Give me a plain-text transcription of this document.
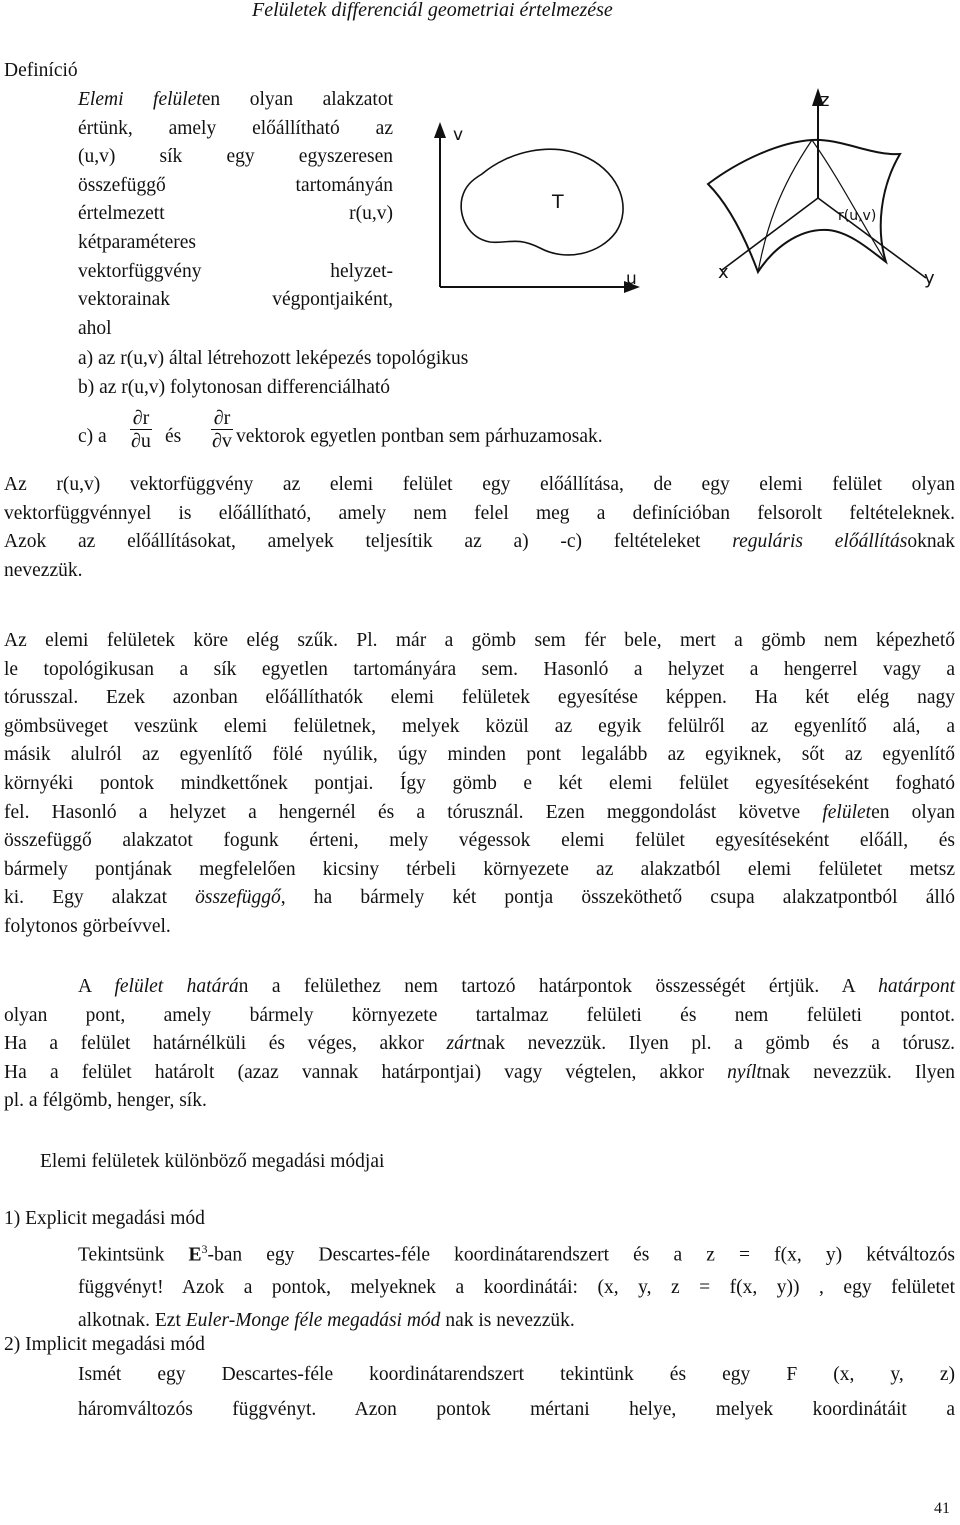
Felületek differenciál geometriai értelmezése
Definíció
Elemi felületen olyan alakzatot
értünk, amely előállítható az
(u,v) sík egy egyszeresen
összefüggő tartományán
értelmezett r(u,v)
kétparaméteres
vektorfüggvény helyzet-
vektorainak végpontjaiként,
ahol
a) az r(u,v) által létrehozott leképezés topológikus
b) az r(u,v) folytonosan differenciálható
c) a
∂r
∂u és
∂r
∂v vektorok egyetlen pontban sem párhuzamosak.
v
u
T
x	y
z
r(u,v)
Az r(u,v) vektorfüggvény az elemi felület egy előállítása, de egy elemi felület olyan
vektorfüggvénnyel is előállítható, amely nem felel meg a definícióban felsorolt feltételeknek.
Azok az előállításokat, amelyek teljesítik az a) -c) feltételeket reguláris előállításoknak
nevezzük.
Az elemi felületek köre elég szűk. Pl. már a gömb sem fér bele, mert a gömb nem képezhető
le topológikusan a sík egyetlen tartományára sem. Hasonló a helyzet a hengerrel vagy a
tórusszal. Ezek azonban előállíthatók elemi felületek egyesítése képpen. Ha két elég nagy
gömbsüveget veszünk elemi felületnek, melyek közül az egyik felülről az egyenlítő alá, a
másik alulról az egyenlítő fölé nyúlik, úgy minden pont legalább az egyiknek, sőt az egyenlítő
környéki pontok mindkettőnek pontjai. Így gömb e két elemi felület egyesítéseként fogható
fel. Hasonló a helyzet a hengernél és a tórusznál. Ezen meggondolást követve felületen olyan
összefüggő alakzatot fogunk érteni, mely végessok elemi felület egyesítéseként előáll, és
bármely pontjának megfelelően kicsiny térbeli környezete az alakzatból elemi felületet metsz
ki. Egy alakzat összefüggő, ha bármely két pontja összeköthető csupa alakzatpontból álló
folytonos görbeívvel.
A felület határán a felülethez nem tartozó határpontok összességét értjük. A határpont
olyan pont, amely bármely környezete tartalmaz felületi és nem felületi pontot.
Ha a felület határnélküli és véges, akkor zártnak nevezzük. Ilyen pl. a gömb és a tórusz.
Ha a felület határolt (azaz vannak határpontjai) vagy végtelen, akkor nyíltnak nevezzük. Ilyen
pl. a félgömb, henger, sík.
Elemi felületek különböző megadási módjai
1) Explicit megadási mód
Tekintsünk $E^3$-ban egy Descartes-féle koordinátarendszert és a z = f(x, y) kétváltozós
függvényt! Azok a pontok, melyeknek a koordinátái: (x, y, z = f(x, y)) , egy felületet
alkotnak. Ezt Euler-Monge féle megadási mód nak is nevezzük.
2) Implicit megadási mód
Ismét egy Descartes-féle koordinátarendszert tekintünk és egy F (x, y, z)
háromváltozós függvényt. Azon pontok mértani helye, melyek koordinátáit a
41
